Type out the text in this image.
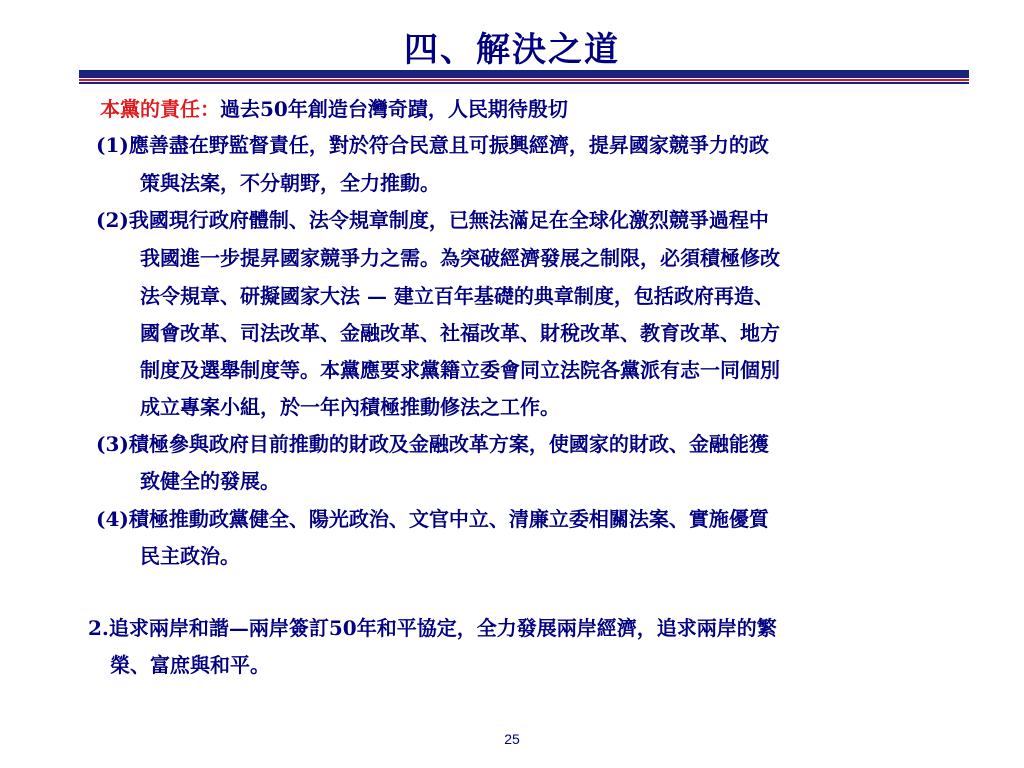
四、解決之道
本黨的責任：過去50年創造台灣奇蹟，人民期待殷切
(1)應善盡在野監督責任，對於符合民意且可振興經濟，提昇國家競爭力的政
策與法案，不分朝野，全力推動。
(2)我國現行政府體制、法令規章制度，已無法滿足在全球化激烈競爭過程中
我國進一步提昇國家競爭力之需。為突破經濟發展之制限，必須積極修改
法令規章、研擬國家大法 — 建立百年基礎的典章制度，包括政府再造、
國會改革、司法改革、金融改革、社福改革、財稅改革、教育改革、地方
制度及選舉制度等。本黨應要求黨籍立委會同立法院各黨派有志一同個別
成立專案小組，於一年內積極推動修法之工作。
(3)積極參與政府目前推動的財政及金融改革方案，使國家的財政、金融能獲
致健全的發展。
(4)積極推動政黨健全、陽光政治、文官中立、清廉立委相關法案、實施優質
民主政治。
2.追求兩岸和諧—兩岸簽訂50年和平協定，全力發展兩岸經濟，追求兩岸的繁
榮、富庶與和平。
25
